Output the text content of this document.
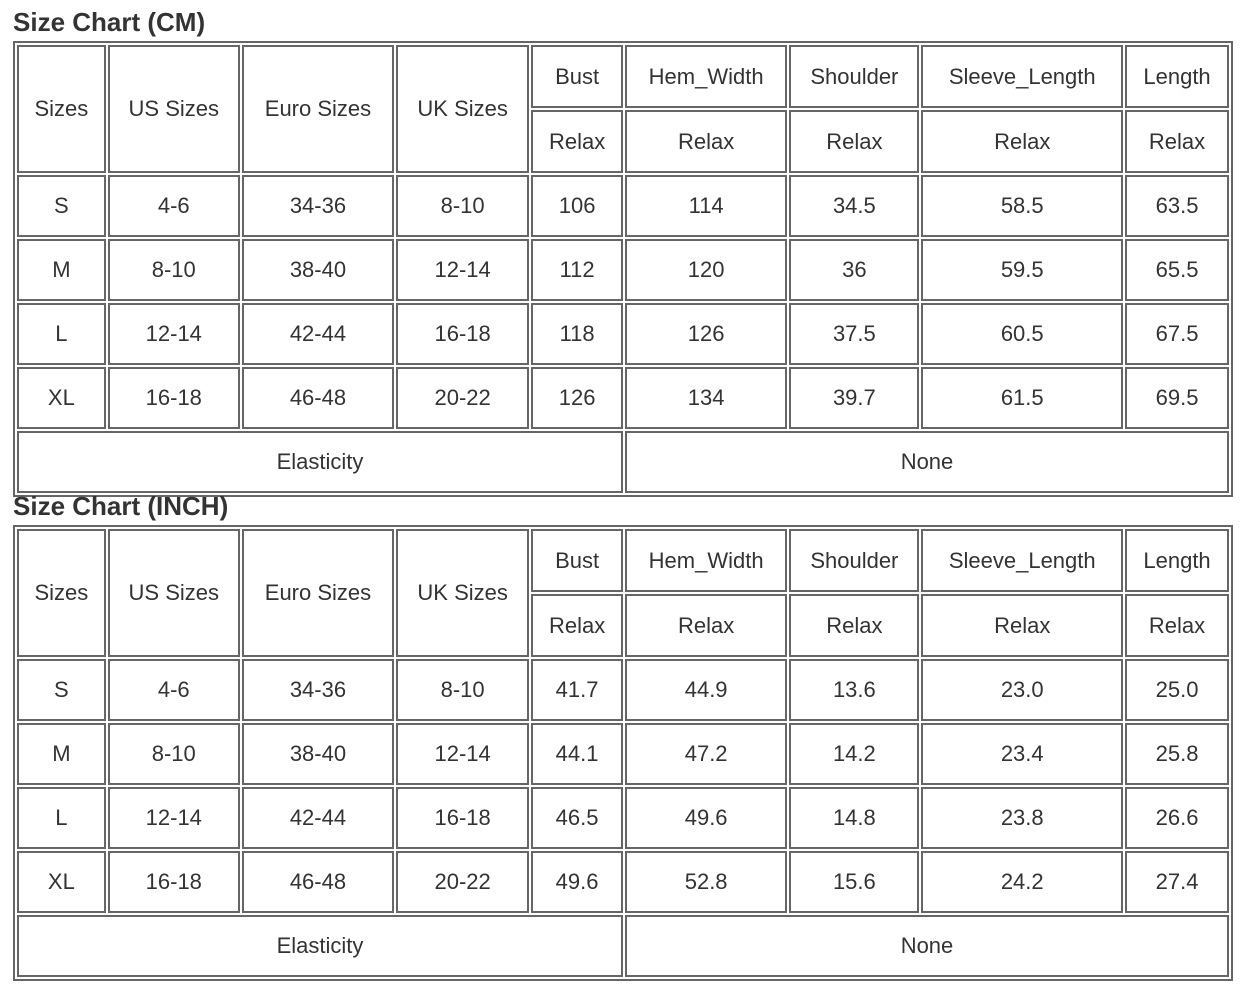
Size Chart (CM)
Sizes	US Sizes	Euro Sizes	UK Sizes	Bust	Hem_Width	Shoulder	Sleeve_Length	Length
				Relax	Relax	Relax	Relax	Relax
S	4-6	34-36	8-10	106	114	34.5	58.5	63.5
M	8-10	38-40	12-14	112	120	36	59.5	65.5
L	12-14	42-44	16-18	118	126	37.5	60.5	67.5
XL	16-18	46-48	20-22	126	134	39.7	61.5	69.5
Elasticity					None			
Size Chart (INCH)
Sizes	US Sizes	Euro Sizes	UK Sizes	Bust	Hem_Width	Shoulder	Sleeve_Length	Length
				Relax	Relax	Relax	Relax	Relax
S	4-6	34-36	8-10	41.7	44.9	13.6	23.0	25.0
M	8-10	38-40	12-14	44.1	47.2	14.2	23.4	25.8
L	12-14	42-44	16-18	46.5	49.6	14.8	23.8	26.6
XL	16-18	46-48	20-22	49.6	52.8	15.6	24.2	27.4
Elasticity					None			
